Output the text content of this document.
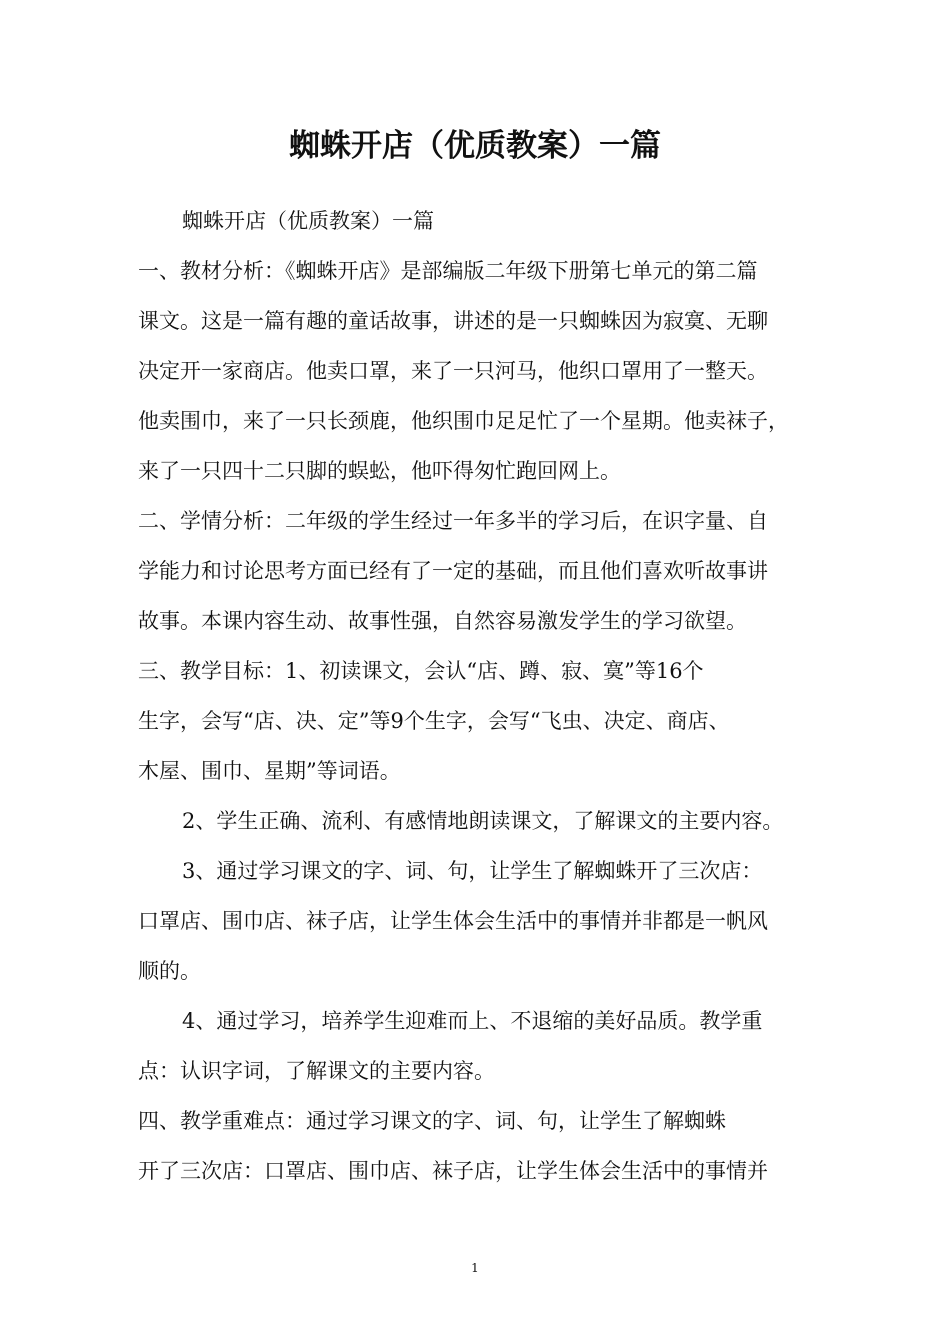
蜘蛛开店（优质教案）一篇
蜘蛛开店（优质教案）一篇
一、教材分析：《蜘蛛开店》是部编版二年级下册第七单元的第二篇
课文。这是一篇有趣的童话故事，讲述的是一只蜘蛛因为寂寞、无聊
决定开一家商店。他卖口罩，来了一只河马，他织口罩用了一整天。
他卖围巾，来了一只长颈鹿，他织围巾足足忙了一个星期。他卖袜子，
来了一只四十二只脚的蜈蚣，他吓得匆忙跑回网上。
二、学情分析：二年级的学生经过一年多半的学习后，在识字量、自
学能力和讨论思考方面已经有了一定的基础，而且他们喜欢听故事讲
故事。本课内容生动、故事性强，自然容易激发学生的学习欲望。
三、教学目标：1、初读课文，会认“店、蹲、寂、寞”等16个
生字，会写“店、决、定”等9个生字，会写“飞虫、决定、商店、
木屋、围巾、星期”等词语。
2、学生正确、流利、有感情地朗读课文，了解课文的主要内容。
3、通过学习课文的字、词、句，让学生了解蜘蛛开了三次店：
口罩店、围巾店、袜子店，让学生体会生活中的事情并非都是一帆风
顺的。
4、通过学习，培养学生迎难而上、不退缩的美好品质。教学重
点：认识字词，了解课文的主要内容。
四、教学重难点：通过学习课文的字、词、句，让学生了解蜘蛛
开了三次店：口罩店、围巾店、袜子店，让学生体会生活中的事情并
1
